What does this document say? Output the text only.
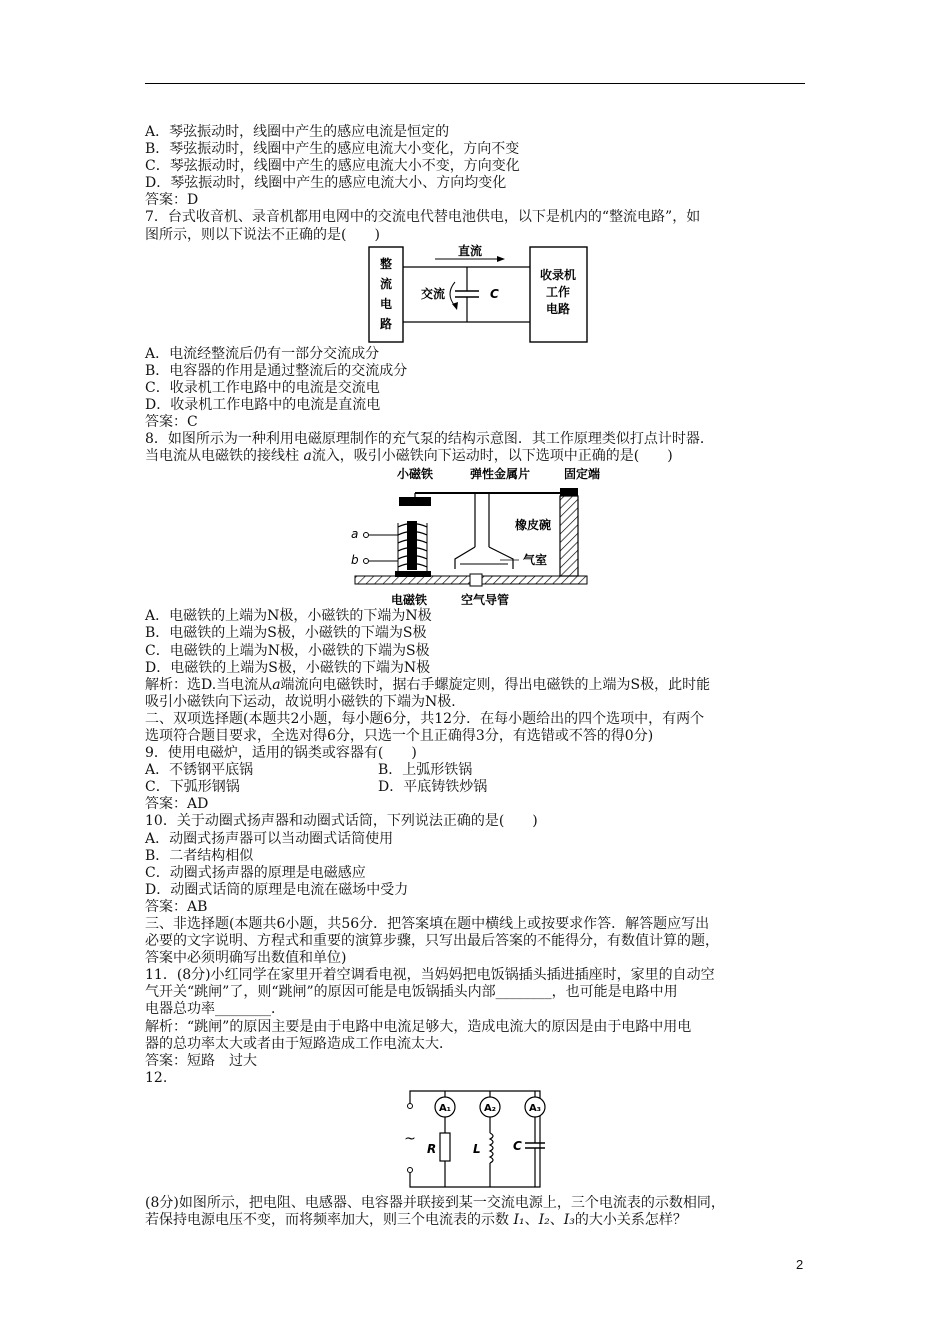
A．琴弦振动时，线圈中产生的感应电流是恒定的
B．琴弦振动时，线圈中产生的感应电流大小变化，方向不变
C．琴弦振动时，线圈中产生的感应电流大小不变，方向变化
D．琴弦振动时，线圈中产生的感应电流大小、方向均变化
答案：D
7．台式收音机、录音机都用电网中的交流电代替电池供电，以下是机内的“整流电路”，如
图所示，则以下说法不正确的是(　　)
整
流
电
路
直流
C
交流
收录机
工作
电路
A．电流经整流后仍有一部分交流成分
B．电容器的作用是通过整流后的交流成分
C．收录机工作电路中的电流是交流电
D．收录机工作电路中的电流是直流电
答案：C
8．如图所示为一种利用电磁原理制作的充气泵的结构示意图．其工作原理类似打点计时器．
当电流从电磁铁的接线柱 a流入，吸引小磁铁向下运动时，以下选项中正确的是(　　)
小磁铁	弹性金属片	固定端
橡皮碗
气室
a
b
电磁铁	空气导管
A．电磁铁的上端为N极，小磁铁的下端为N极
B．电磁铁的上端为S极，小磁铁的下端为S极
C．电磁铁的上端为N极，小磁铁的下端为S极
D．电磁铁的上端为S极，小磁铁的下端为N极
解析：选D.当电流从a端流向电磁铁时，据右手螺旋定则，得出电磁铁的上端为S极，此时能
吸引小磁铁向下运动，故说明小磁铁的下端为N极．
二、双项选择题(本题共2小题，每小题6分，共12分．在每小题给出的四个选项中，有两个
选项符合题目要求，全选对得6分，只选一个且正确得3分，有选错或不答的得0分)
9．使用电磁炉，适用的锅类或容器有(　　)
A．不锈钢平底锅	B．上弧形铁锅
C．下弧形钢锅	D．平底铸铁炒锅
答案：AD
10．关于动圈式扬声器和动圈式话筒，下列说法正确的是(　　)
A．动圈式扬声器可以当动圈式话筒使用
B．二者结构相似
C．动圈式扬声器的原理是电磁感应
D．动圈式话筒的原理是电流在磁场中受力
答案：AB
三、非选择题(本题共6小题，共56分．把答案填在题中横线上或按要求作答．解答题应写出
必要的文字说明、方程式和重要的演算步骤，只写出最后答案的不能得分，有数值计算的题，
答案中必须明确写出数值和单位)
11．(8分)小红同学在家里开着空调看电视，当妈妈把电饭锅插头插进插座时，家里的自动空
气开关“跳闸”了，则“跳闸”的原因可能是电饭锅插头内部________，也可能是电路中用
电器总功率________．
解析：“跳闸”的原因主要是由于电路中电流足够大，造成电流大的原因是由于电路中用电
器的总功率太大或者由于短路造成工作电流太大．
答案：短路　过大
12.
~
A₁
R
A₂
L
A₃
C
(8分)如图所示，把电阻、电感器、电容器并联接到某一交流电源上，三个电流表的示数相同，
若保持电源电压不变，而将频率加大，则三个电流表的示数 I₁、I₂、I₃的大小关系怎样？
2
